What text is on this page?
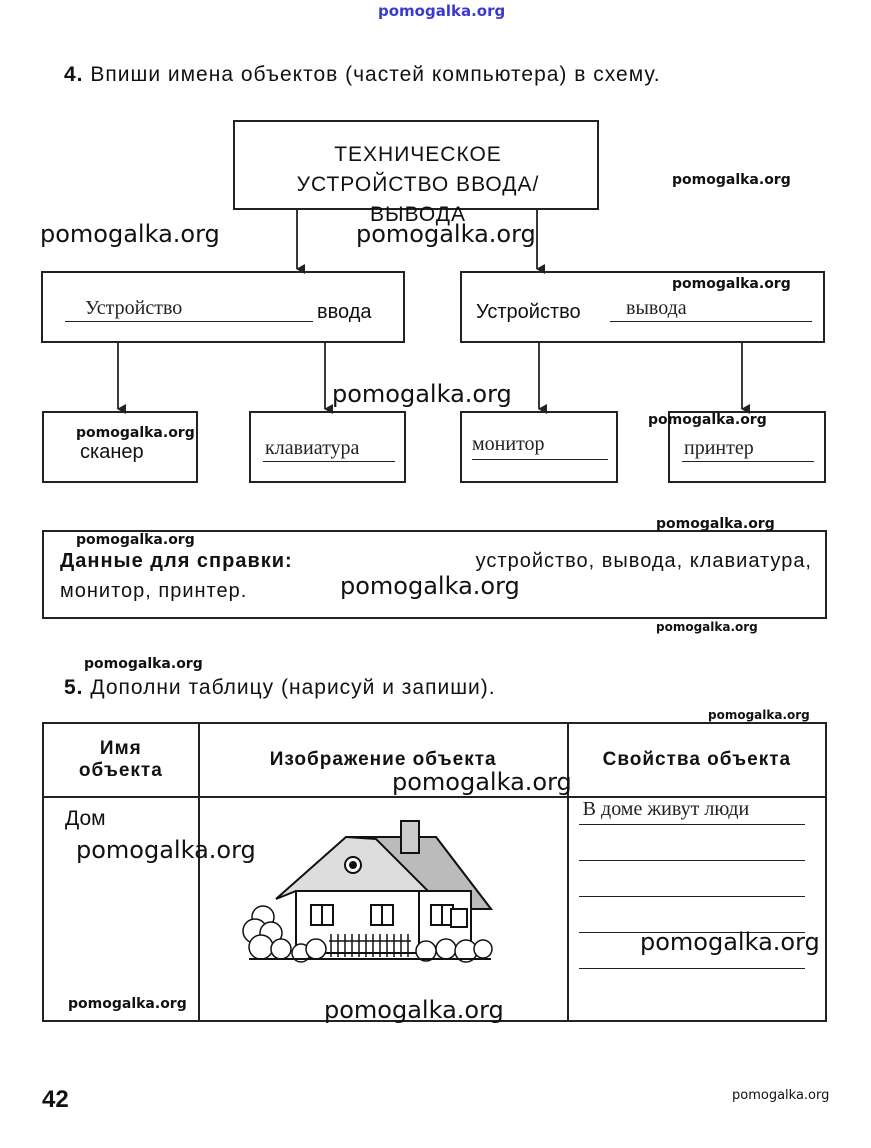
pomogalka.org
4. Впиши имена объектов (частей компьютера) в схему.
ТЕХНИЧЕСКОЕ УСТРОЙСТВО ВВОДА/ВЫВОДА
Устройство	ввода	Устройство вывода
сканер	клавиатура	монитор	принтер
Данные для справки:	устройство, вывода, клавиатура,
монитор, принтер.
5. Дополни таблицу (нарисуй и запиши).
Имя объекта	Изображение объекта	Свойства объекта

Дом		В доме живут люди
42
pomogalka.org	pomogalka.org
pomogalka.org
pomogalka.org
pomogalka.org
pomogalka.org
pomogalka.org
pomogalka.org
pomogalka.org
pomogalka.org
pomogalka.org
pomogalka.org
pomogalka.org
pomogalka.org
pomogalka.org
pomogalka.org
pomogalka.org	pomogalka.org
pomogalka.org
